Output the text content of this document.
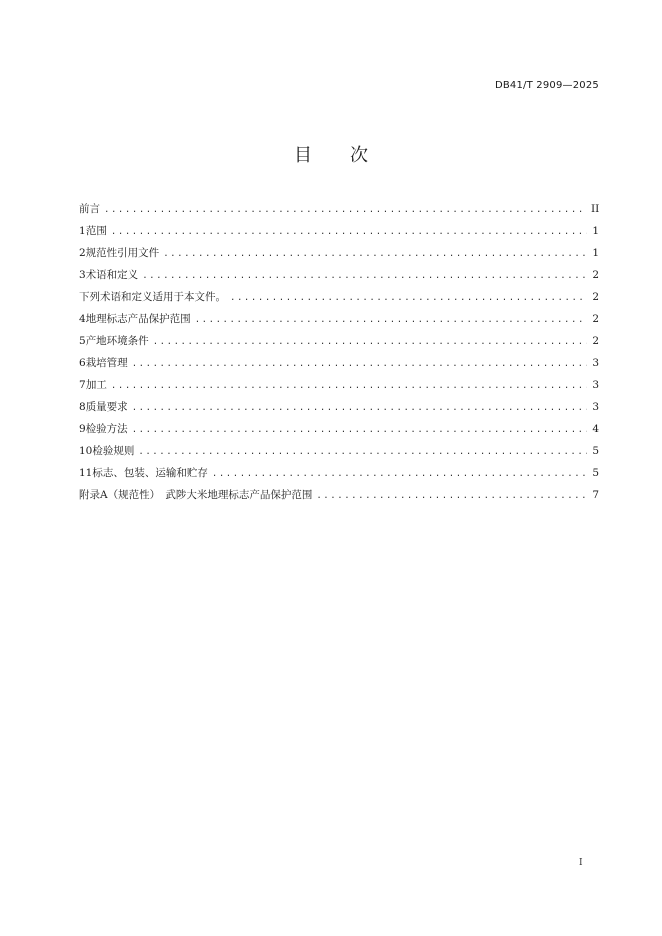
DB41/T 2909—2025
目 次
前言 .....	II
1 范围 .....	1
2 规范性引用文件 .....	1
3 术语和定义 .....	2
下列术语和定义适用于本文件。 .....	2
4 地理标志产品保护范围 .....	2
5 产地环境条件 .....	2
6 栽培管理 .....	3
7 加工 .....	3
8 质量要求 .....	3
9 检验方法 .....	4
10 检验规则 .....	5
11 标志、包装、运输和贮存 .....	5
附录A（规范性）　武陟大米地理标志产品保护范围 .....	7
I
